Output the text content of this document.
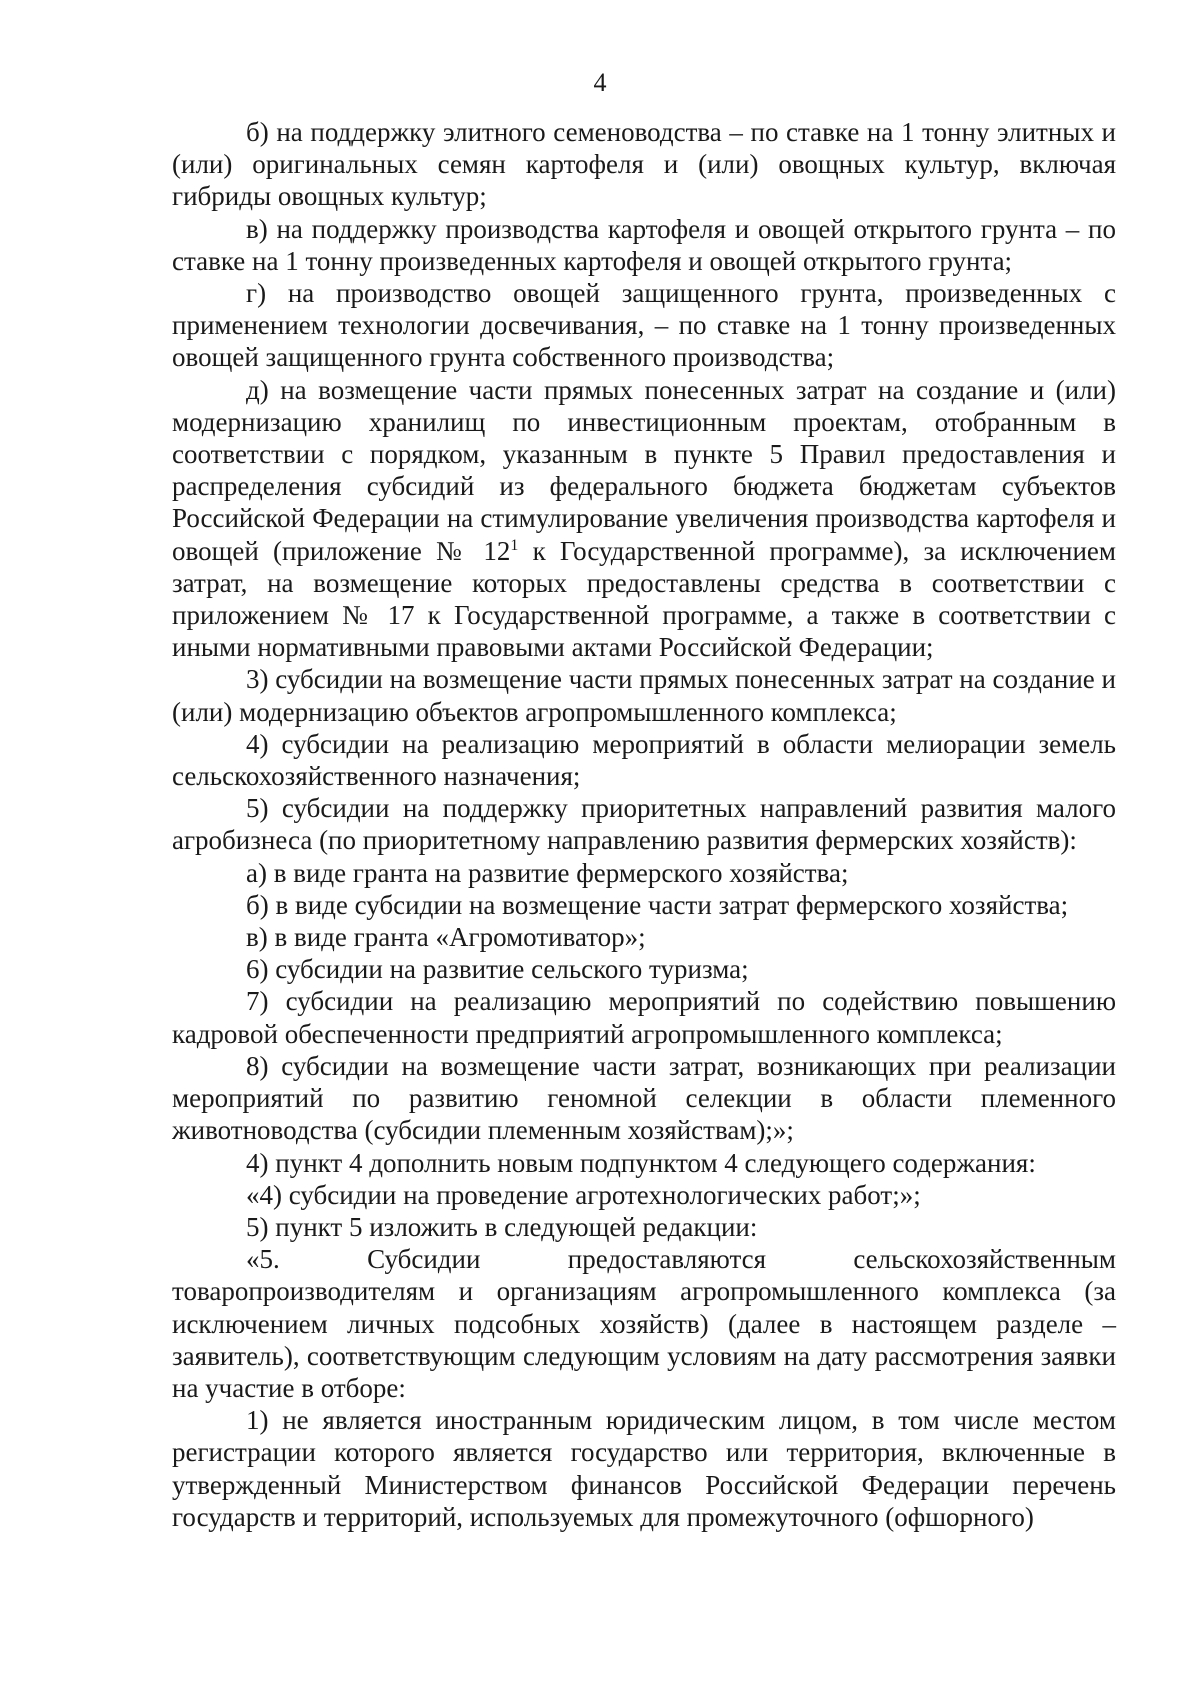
4

б) на поддержку элитного семеноводства – по ставке на 1 тонну элитных и (или) оригинальных семян картофеля и (или) овощных культур, включая гибриды овощных культур;

в) на поддержку производства картофеля и овощей открытого грунта – по ставке на 1 тонну произведенных картофеля и овощей открытого грунта;

г) на производство овощей защищенного грунта, произведенных с применением технологии досвечивания, – по ставке на 1 тонну произведенных овощей защищенного грунта собственного производства;

д) на возмещение части прямых понесенных затрат на создание и (или) модернизацию хранилищ по инвестиционным проектам, отобранным в соответствии с порядком, указанным в пункте 5 Правил предоставления и распределения субсидий из федерального бюджета бюджетам субъектов Российской Федерации на стимулирование увеличения производства картофеля и овощей (приложение № $12^1$ к Государственной программе), за исключением затрат, на возмещение которых предоставлены средства в соответствии с приложением № 17 к Государственной программе, а также в соответствии с иными нормативными правовыми актами Российской Федерации;

3) субсидии на возмещение части прямых понесенных затрат на создание и (или) модернизацию объектов агропромышленного комплекса;

4) субсидии на реализацию мероприятий в области мелиорации земель сельскохозяйственного назначения;

5) субсидии на поддержку приоритетных направлений развития малого агробизнеса (по приоритетному направлению развития фермерских хозяйств):

а) в виде гранта на развитие фермерского хозяйства;

б) в виде субсидии на возмещение части затрат фермерского хозяйства;

в) в виде гранта «Агромотиватор»;

6) субсидии на развитие сельского туризма;

7) субсидии на реализацию мероприятий по содействию повышению кадровой обеспеченности предприятий агропромышленного комплекса;

8) субсидии на возмещение части затрат, возникающих при реализации мероприятий по развитию геномной селекции в области племенного животноводства (субсидии племенным хозяйствам);»;

4) пункт 4 дополнить новым подпунктом 4 следующего содержания:

«4) субсидии на проведение агротехнологических работ;»;

5) пункт 5 изложить в следующей редакции:

«5. Субсидии предоставляются сельскохозяйственным товаропроизводителям и организациям агропромышленного комплекса (за исключением личных подсобных хозяйств) (далее в настоящем разделе – заявитель), соответствующим следующим условиям на дату рассмотрения заявки на участие в отборе:

1) не является иностранным юридическим лицом, в том числе местом регистрации которого является государство или территория, включенные в утвержденный Министерством финансов Российской Федерации перечень государств и территорий, используемых для промежуточного (офшорного)
